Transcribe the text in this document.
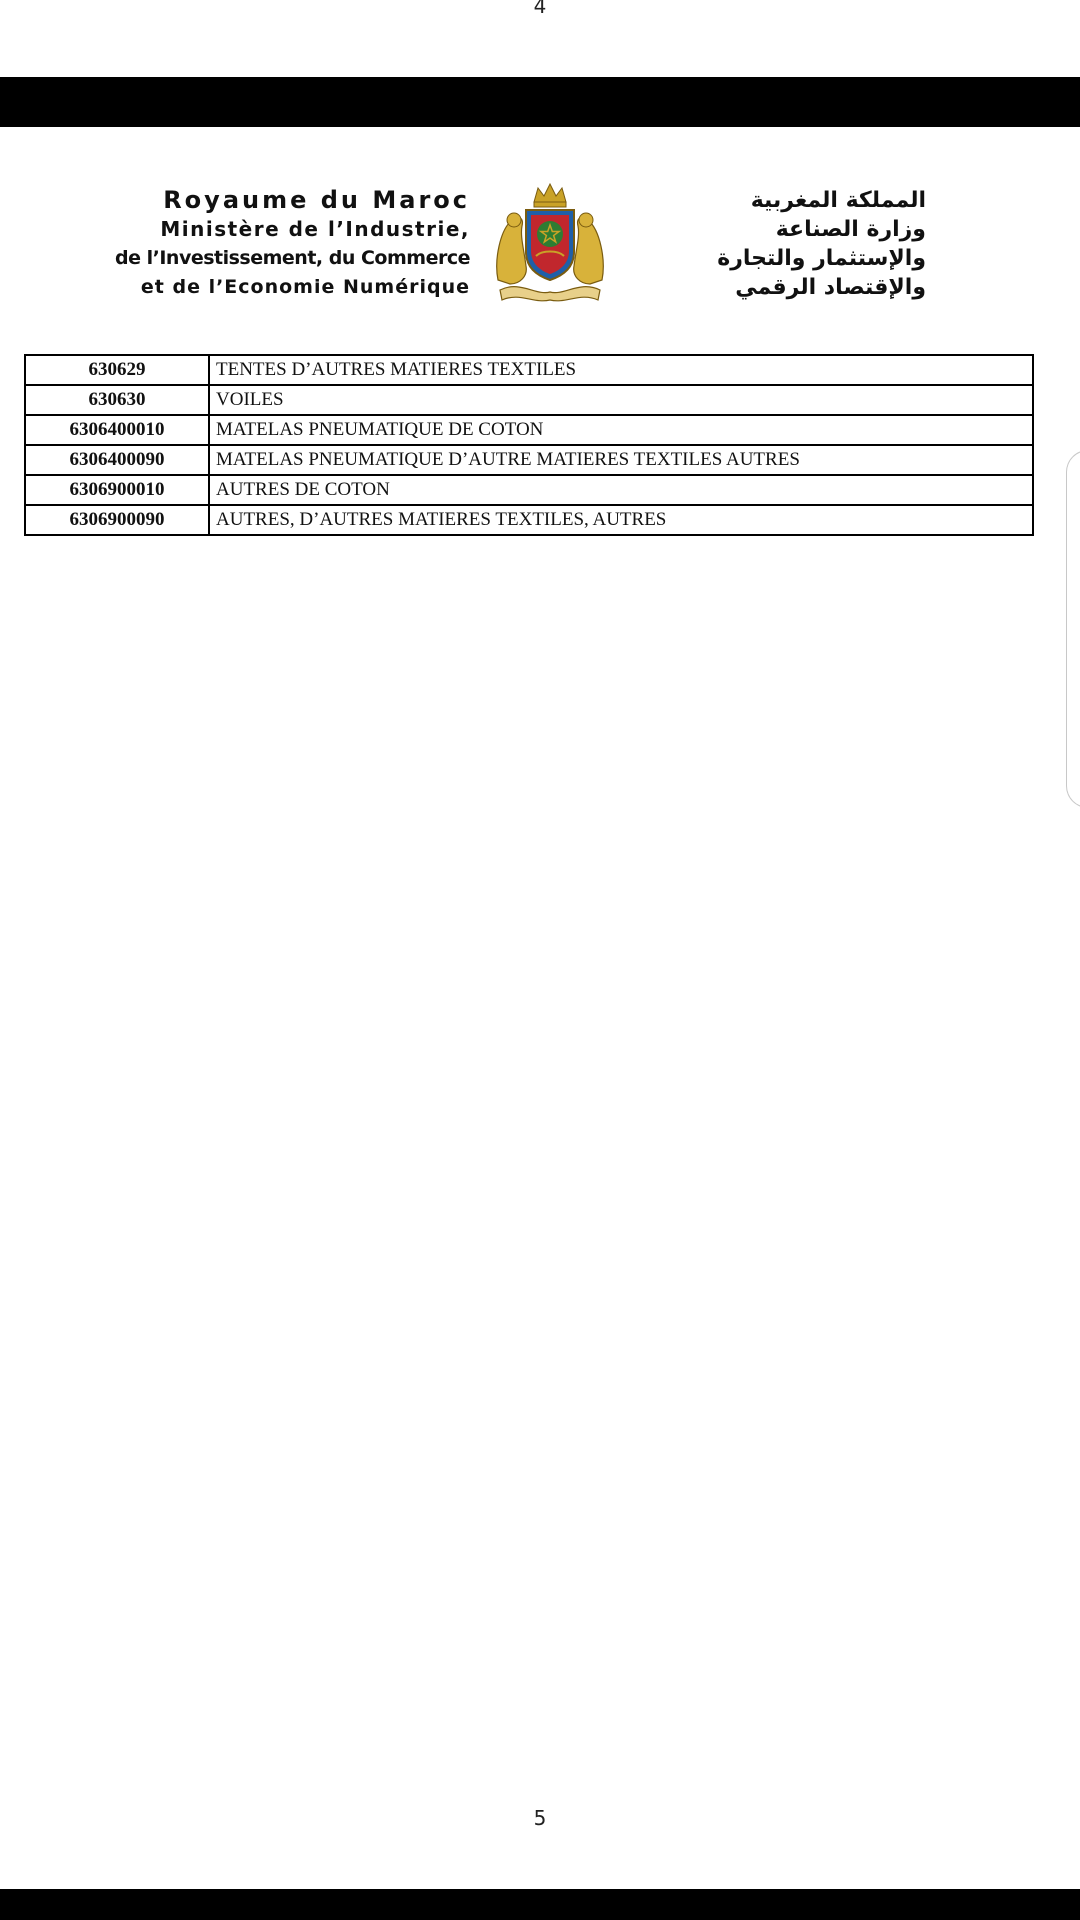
4
Royaume du Maroc
Ministère de l’Industrie,
de l’Investissement, du Commerce
et de l’Economie Numérique
المملكة المغربية
وزارة الصناعة
والإستثمار والتجارة
والإقتصاد الرقمي
630629	TENTES D’AUTRES MATIERES TEXTILES
630630	VOILES
6306400010	MATELAS PNEUMATIQUE DE COTON
6306400090	MATELAS PNEUMATIQUE D’AUTRE MATIERES TEXTILES AUTRES
6306900010	AUTRES DE COTON
6306900090	AUTRES, D’AUTRES MATIERES TEXTILES, AUTRES
5
